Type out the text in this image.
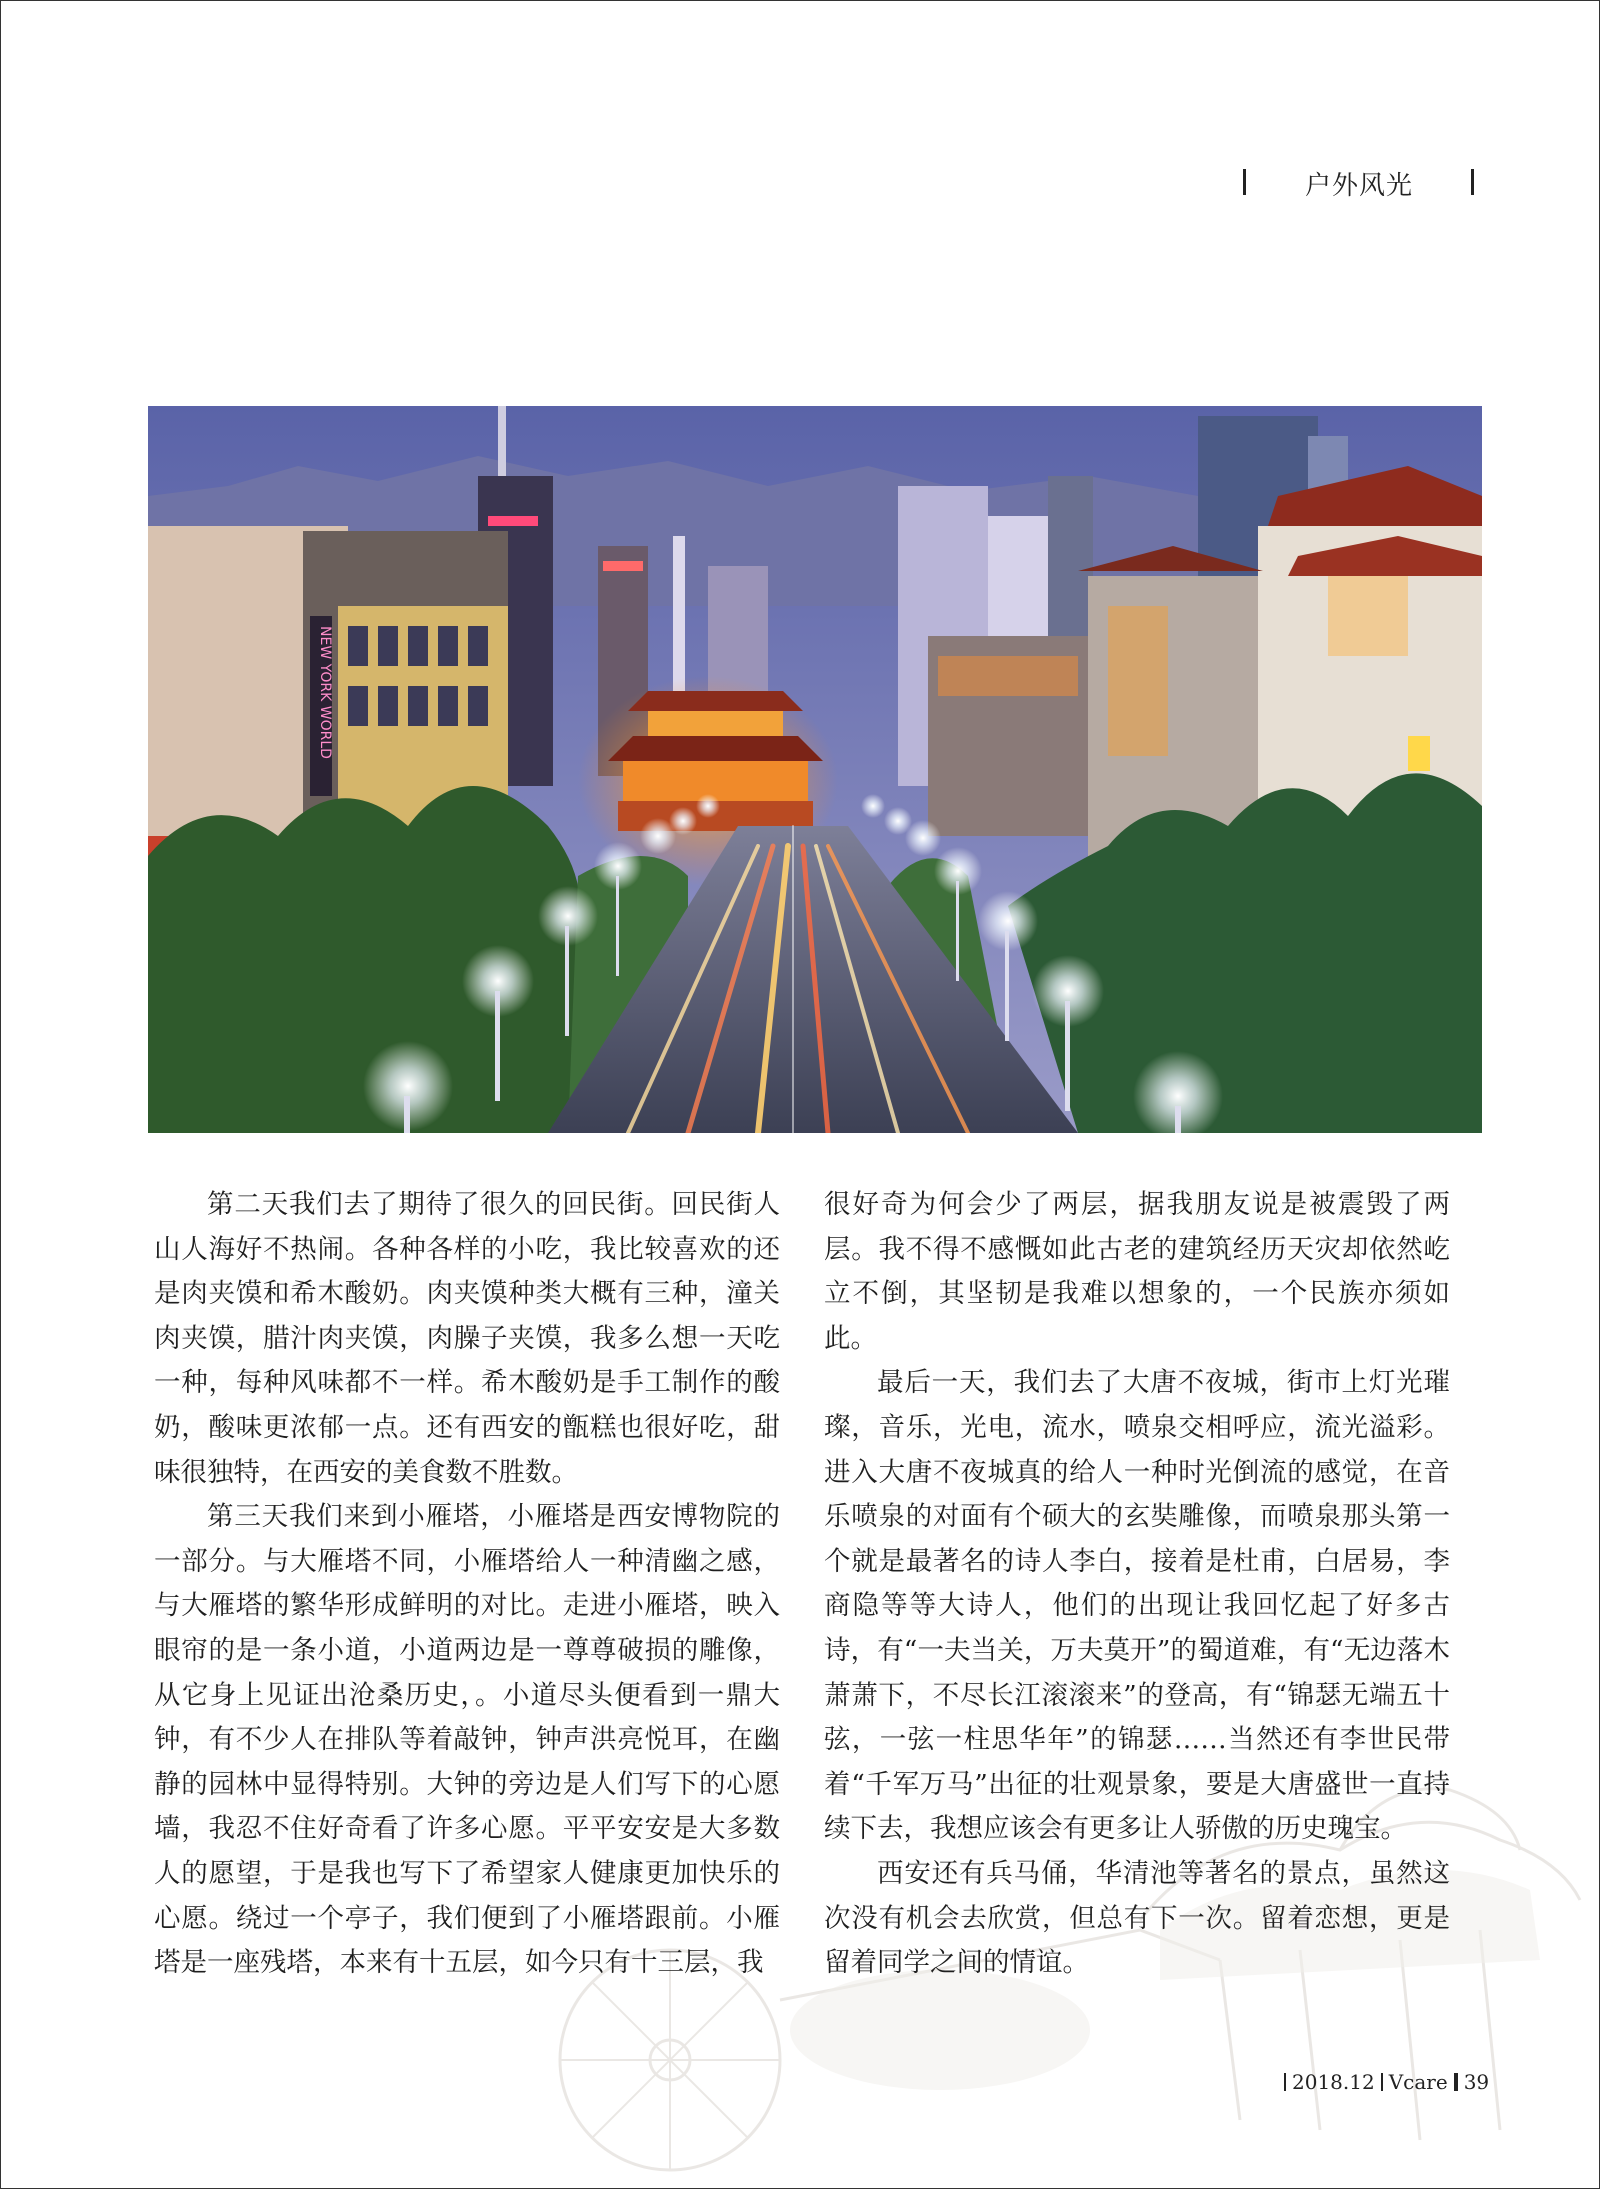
户外风光
NEW YORK WORLD

第二天我们去了期待了很久的回民街。回民街人山人海好不热闹。各种各样的小吃，我比较喜欢的还是肉夹馍和希木酸奶。肉夹馍种类大概有三种，潼关肉夹馍，腊汁肉夹馍，肉臊子夹馍，我多么想一天吃一种，每种风味都不一样。希木酸奶是手工制作的酸奶，酸味更浓郁一点。还有西安的甑糕也很好吃，甜味很独特，在西安的美食数不胜数。

第三天我们来到小雁塔，小雁塔是西安博物院的一部分。与大雁塔不同，小雁塔给人一种清幽之感，与大雁塔的繁华形成鲜明的对比。走进小雁塔，映入眼帘的是一条小道，小道两边是一尊尊破损的雕像，从它身上见证出沧桑历史，。小道尽头便看到一鼎大钟，有不少人在排队等着敲钟，钟声洪亮悦耳，在幽静的园林中显得特别。大钟的旁边是人们写下的心愿墙，我忍不住好奇看了许多心愿。平平安安是大多数人的愿望，于是我也写下了希望家人健康更加快乐的心愿。绕过一个亭子，我们便到了小雁塔跟前。小雁塔是一座残塔，本来有十五层，如今只有十三层，我

很好奇为何会少了两层，据我朋友说是被震毁了两层。我不得不感慨如此古老的建筑经历天灾却依然屹立不倒，其坚韧是我难以想象的，一个民族亦须如此。

最后一天，我们去了大唐不夜城，街市上灯光璀璨，音乐，光电，流水，喷泉交相呼应，流光溢彩。进入大唐不夜城真的给人一种时光倒流的感觉，在音乐喷泉的对面有个硕大的玄奘雕像，而喷泉那头第一个就是最著名的诗人李白，接着是杜甫，白居易，李商隐等等大诗人，他们的出现让我回忆起了好多古诗，有“一夫当关，万夫莫开”的蜀道难，有“无边落木萧萧下，不尽长江滚滚来”的登高，有“锦瑟无端五十弦，一弦一柱思华年”的锦瑟……当然还有李世民带着“千军万马”出征的壮观景象，要是大唐盛世一直持续下去，我想应该会有更多让人骄傲的历史瑰宝。

西安还有兵马俑，华清池等著名的景点，虽然这次没有机会去欣赏，但总有下一次。留着恋想，更是留着同学之间的情谊。

2018.12 Vcare 39
